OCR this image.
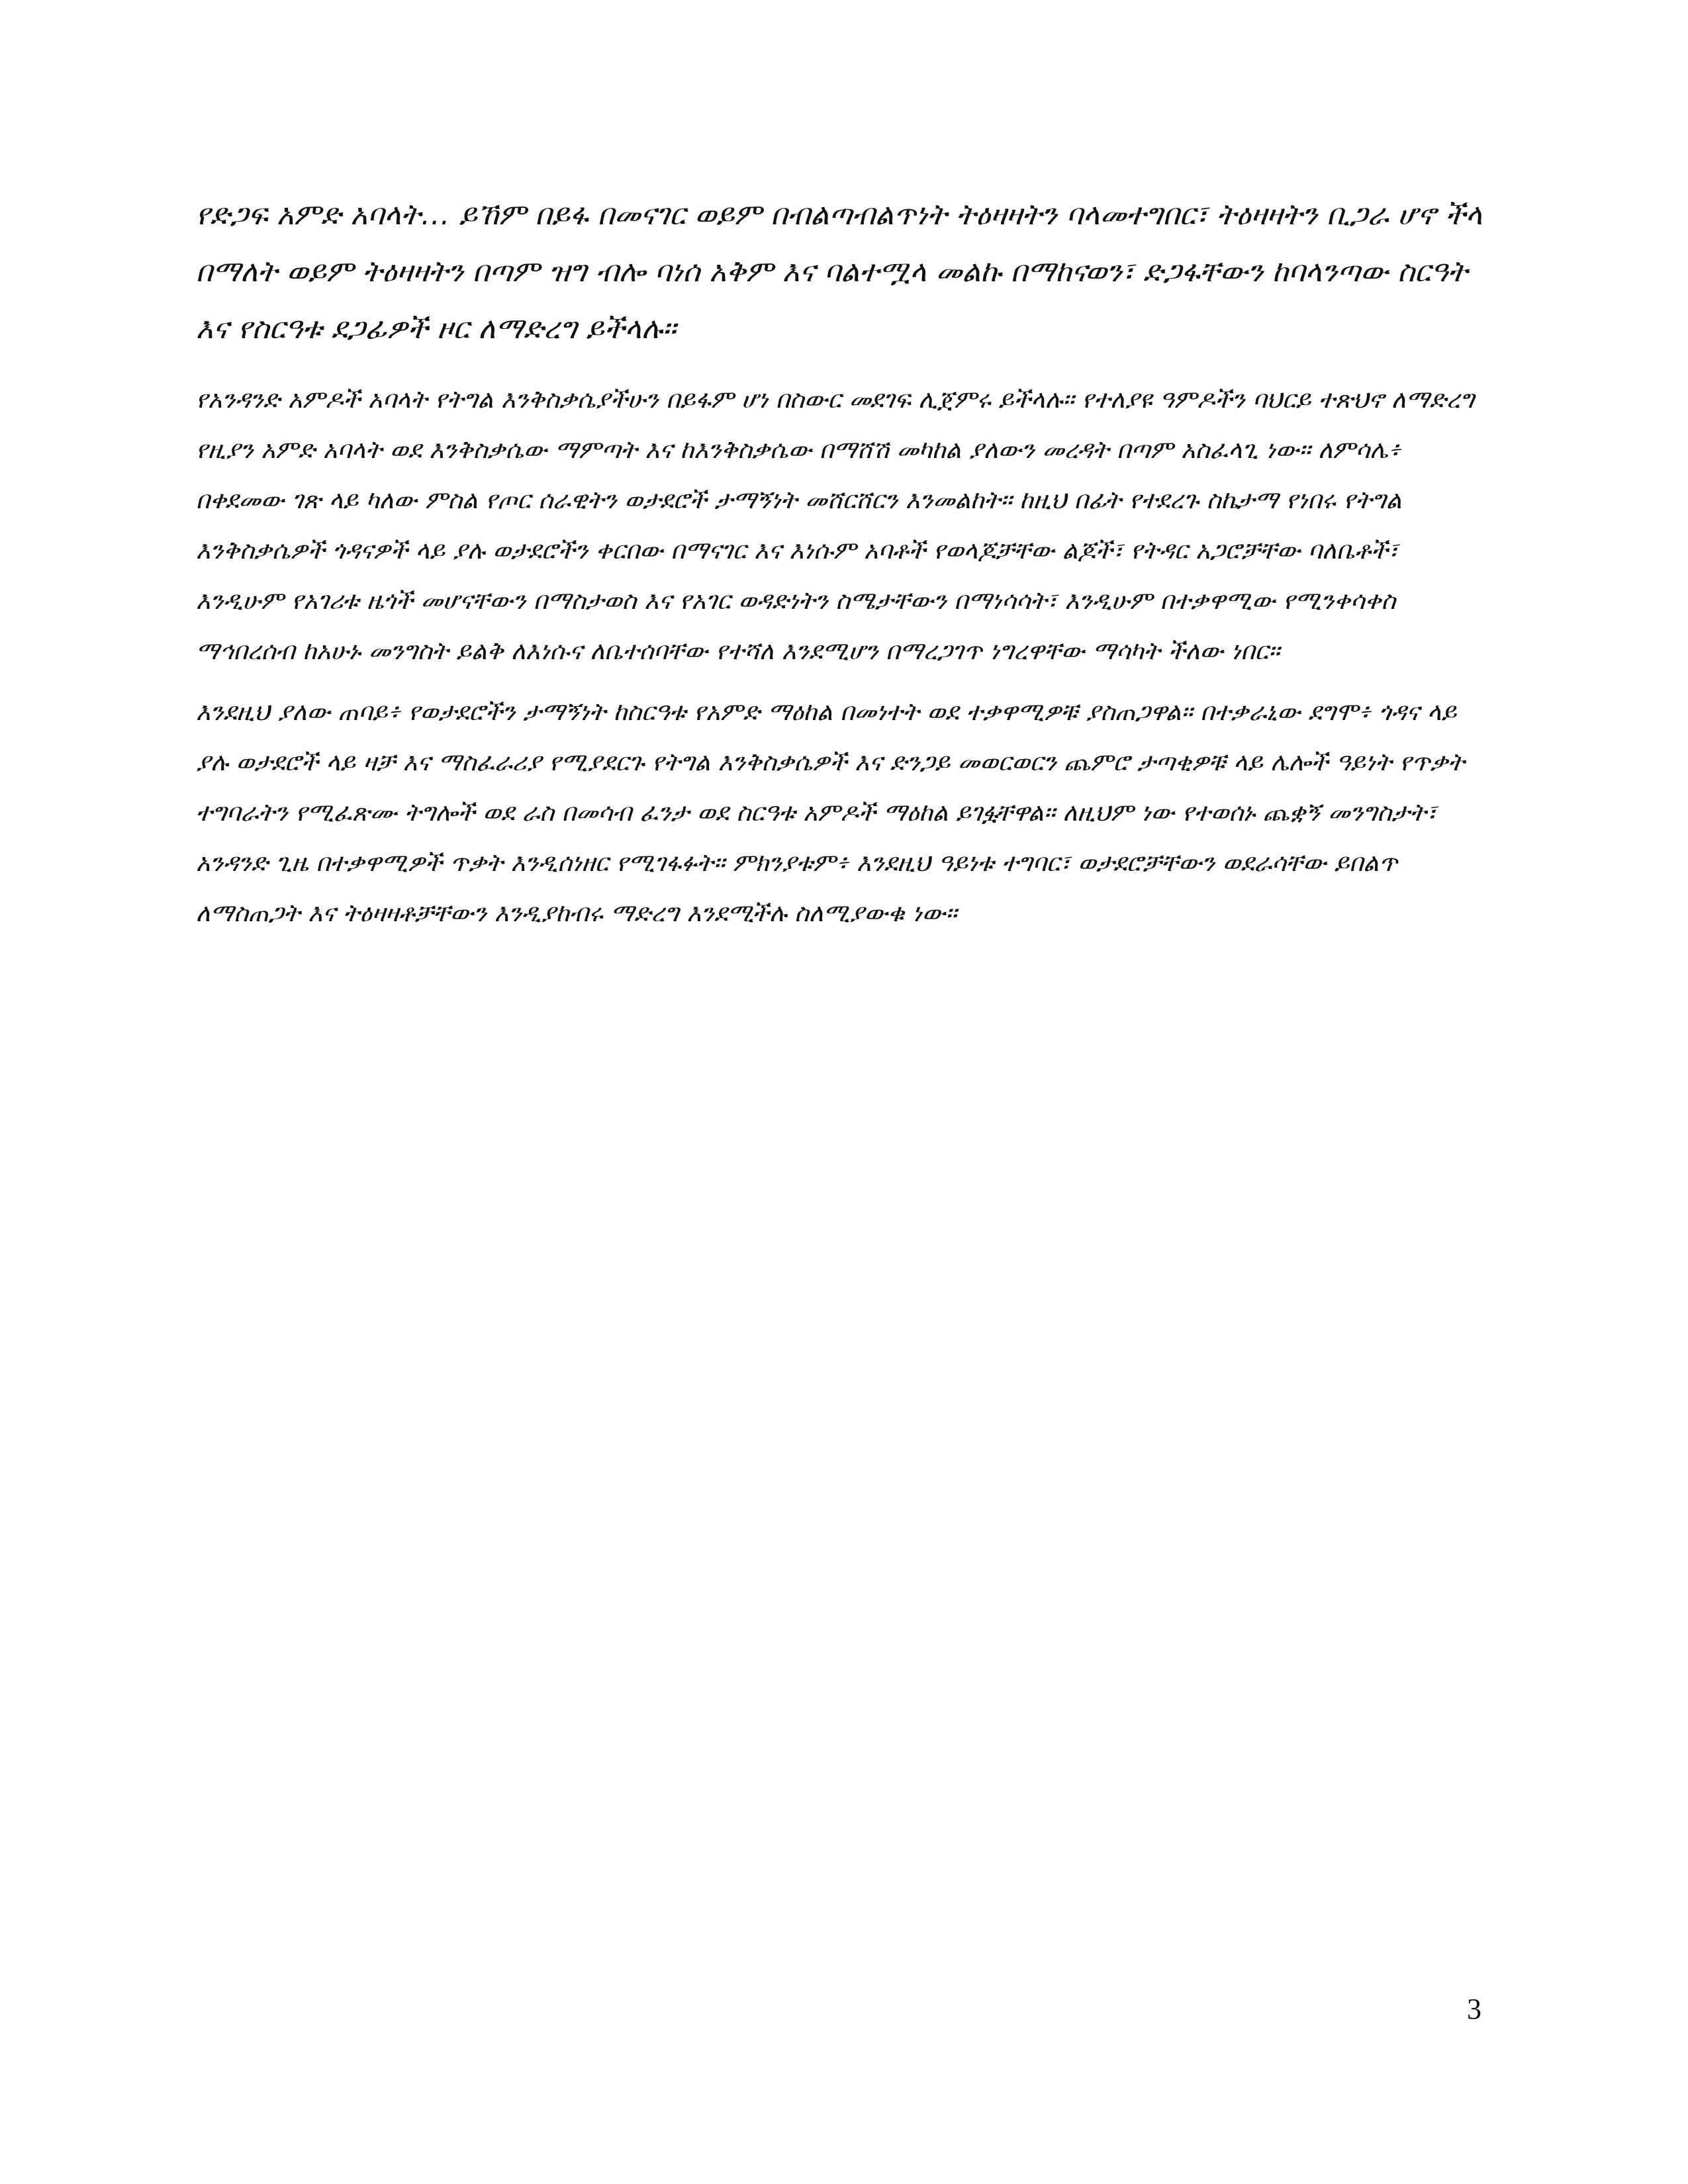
የድጋፍ አምድ አባላት… ይኸም በይፋ በመናገር ወይም በብልጣብልጥነት ትዕዛዛትን ባላመተግበር፣ ትዕዛዛትን ቢጋራ ሆኖ ችላ በማለት ወይም ትዕዛዛትን በጣም ዝግ ብሎ ባነሰ አቅም እና ባልተሟላ መልኩ በማከናወን፣ ድጋፋቸውን ከባላንጣው ስርዓት እና የስርዓቱ ደጋፊዎች ዞር ለማድረግ ይችላሉ።

የአንዳንድ አምዶች አባላት የትግል እንቅስቃሴያችሁን በይፋም ሆነ በስውር መደገፍ ሊጀምሩ ይችላሉ። የተለያዩ ዓምዶችን ባህርይ ተጽህኖ ለማድረግ የዚያን አምድ አባላት ወደ እንቅስቃሴው ማምጣት እና ከእንቅስቃሴው በማሸሽ መካከል ያለውን መረዳት በጣም አስፈላጊ ነው። ለምሳሌ፥ በቀደመው ገጽ ላይ ካለው ምስል የጦር ሰራዊትን ወታደሮች ታማኝነት መሸርሸርን እንመልከት። ከዚህ በፊት የተደረጉ ስኬታማ የነበሩ የትግል እንቅስቃሴዎች ጎዳናዎች ላይ ያሉ ወታደሮችን ቀርበው በማናገር እና እነሱም አባቶች የወላጆቻቸው ልጆች፣ የትዳር አጋሮቻቸው ባለቤቶች፣ እንዲሁም የአገሪቱ ዜጎች መሆናቸውን በማስታወስ እና የአገር ወዳድነትን ስሜታቸውን በማነሳሳት፣ እንዲሁም በተቃዋሚው የሚንቀሳቀስ ማኅበረሰብ ከአሁኑ መንግስት ይልቅ ለእነሱና ለቤተሰባቸው የተሻለ እንደሚሆን በማረጋገጥ ነግረዋቸው ማሳካት ችለው ነበር።

እንደዚህ ያለው ጠባይ፥ የወታደሮችን ታማኝነት ከስርዓቱ የአምድ ማዕከል በመነተት ወደ ተቃዋሚዎቹ ያስጠጋዋል። በተቃራኒው ደግሞ፥ ጎዳና ላይ ያሉ ወታደሮች ላይ ዛቻ እና ማስፈራሪያ የሚያደርጉ የትግል እንቅስቃሴዎች እና ድንጋይ መወርወርን ጨምሮ ታጣቂዎቹ ላይ ሌሎች ዓይነት የጥቃት ተግባራትን የሚፈጽሙ ትግሎች ወደ ራስ በመሳብ ፈንታ ወደ ስርዓቱ አምዶች ማዕከል ይገፏቸዋል። ለዚህም ነው የተወሰኑ ጨቋኝ መንግስታት፣ አንዳንድ ጊዜ በተቃዋሚዎች ጥቃት እንዲሰነዘር የሚገፋፉት። ምክንያቱም፥ እንደዚህ ዓይነቱ ተግባር፣ ወታደሮቻቸውን ወደራሳቸው ይበልጥ ለማስጠጋት እና ትዕዛዛቶቻቸውን እንዲያከብሩ ማድረግ እንደሚችሉ ስለሚያውቁ ነው።

3
